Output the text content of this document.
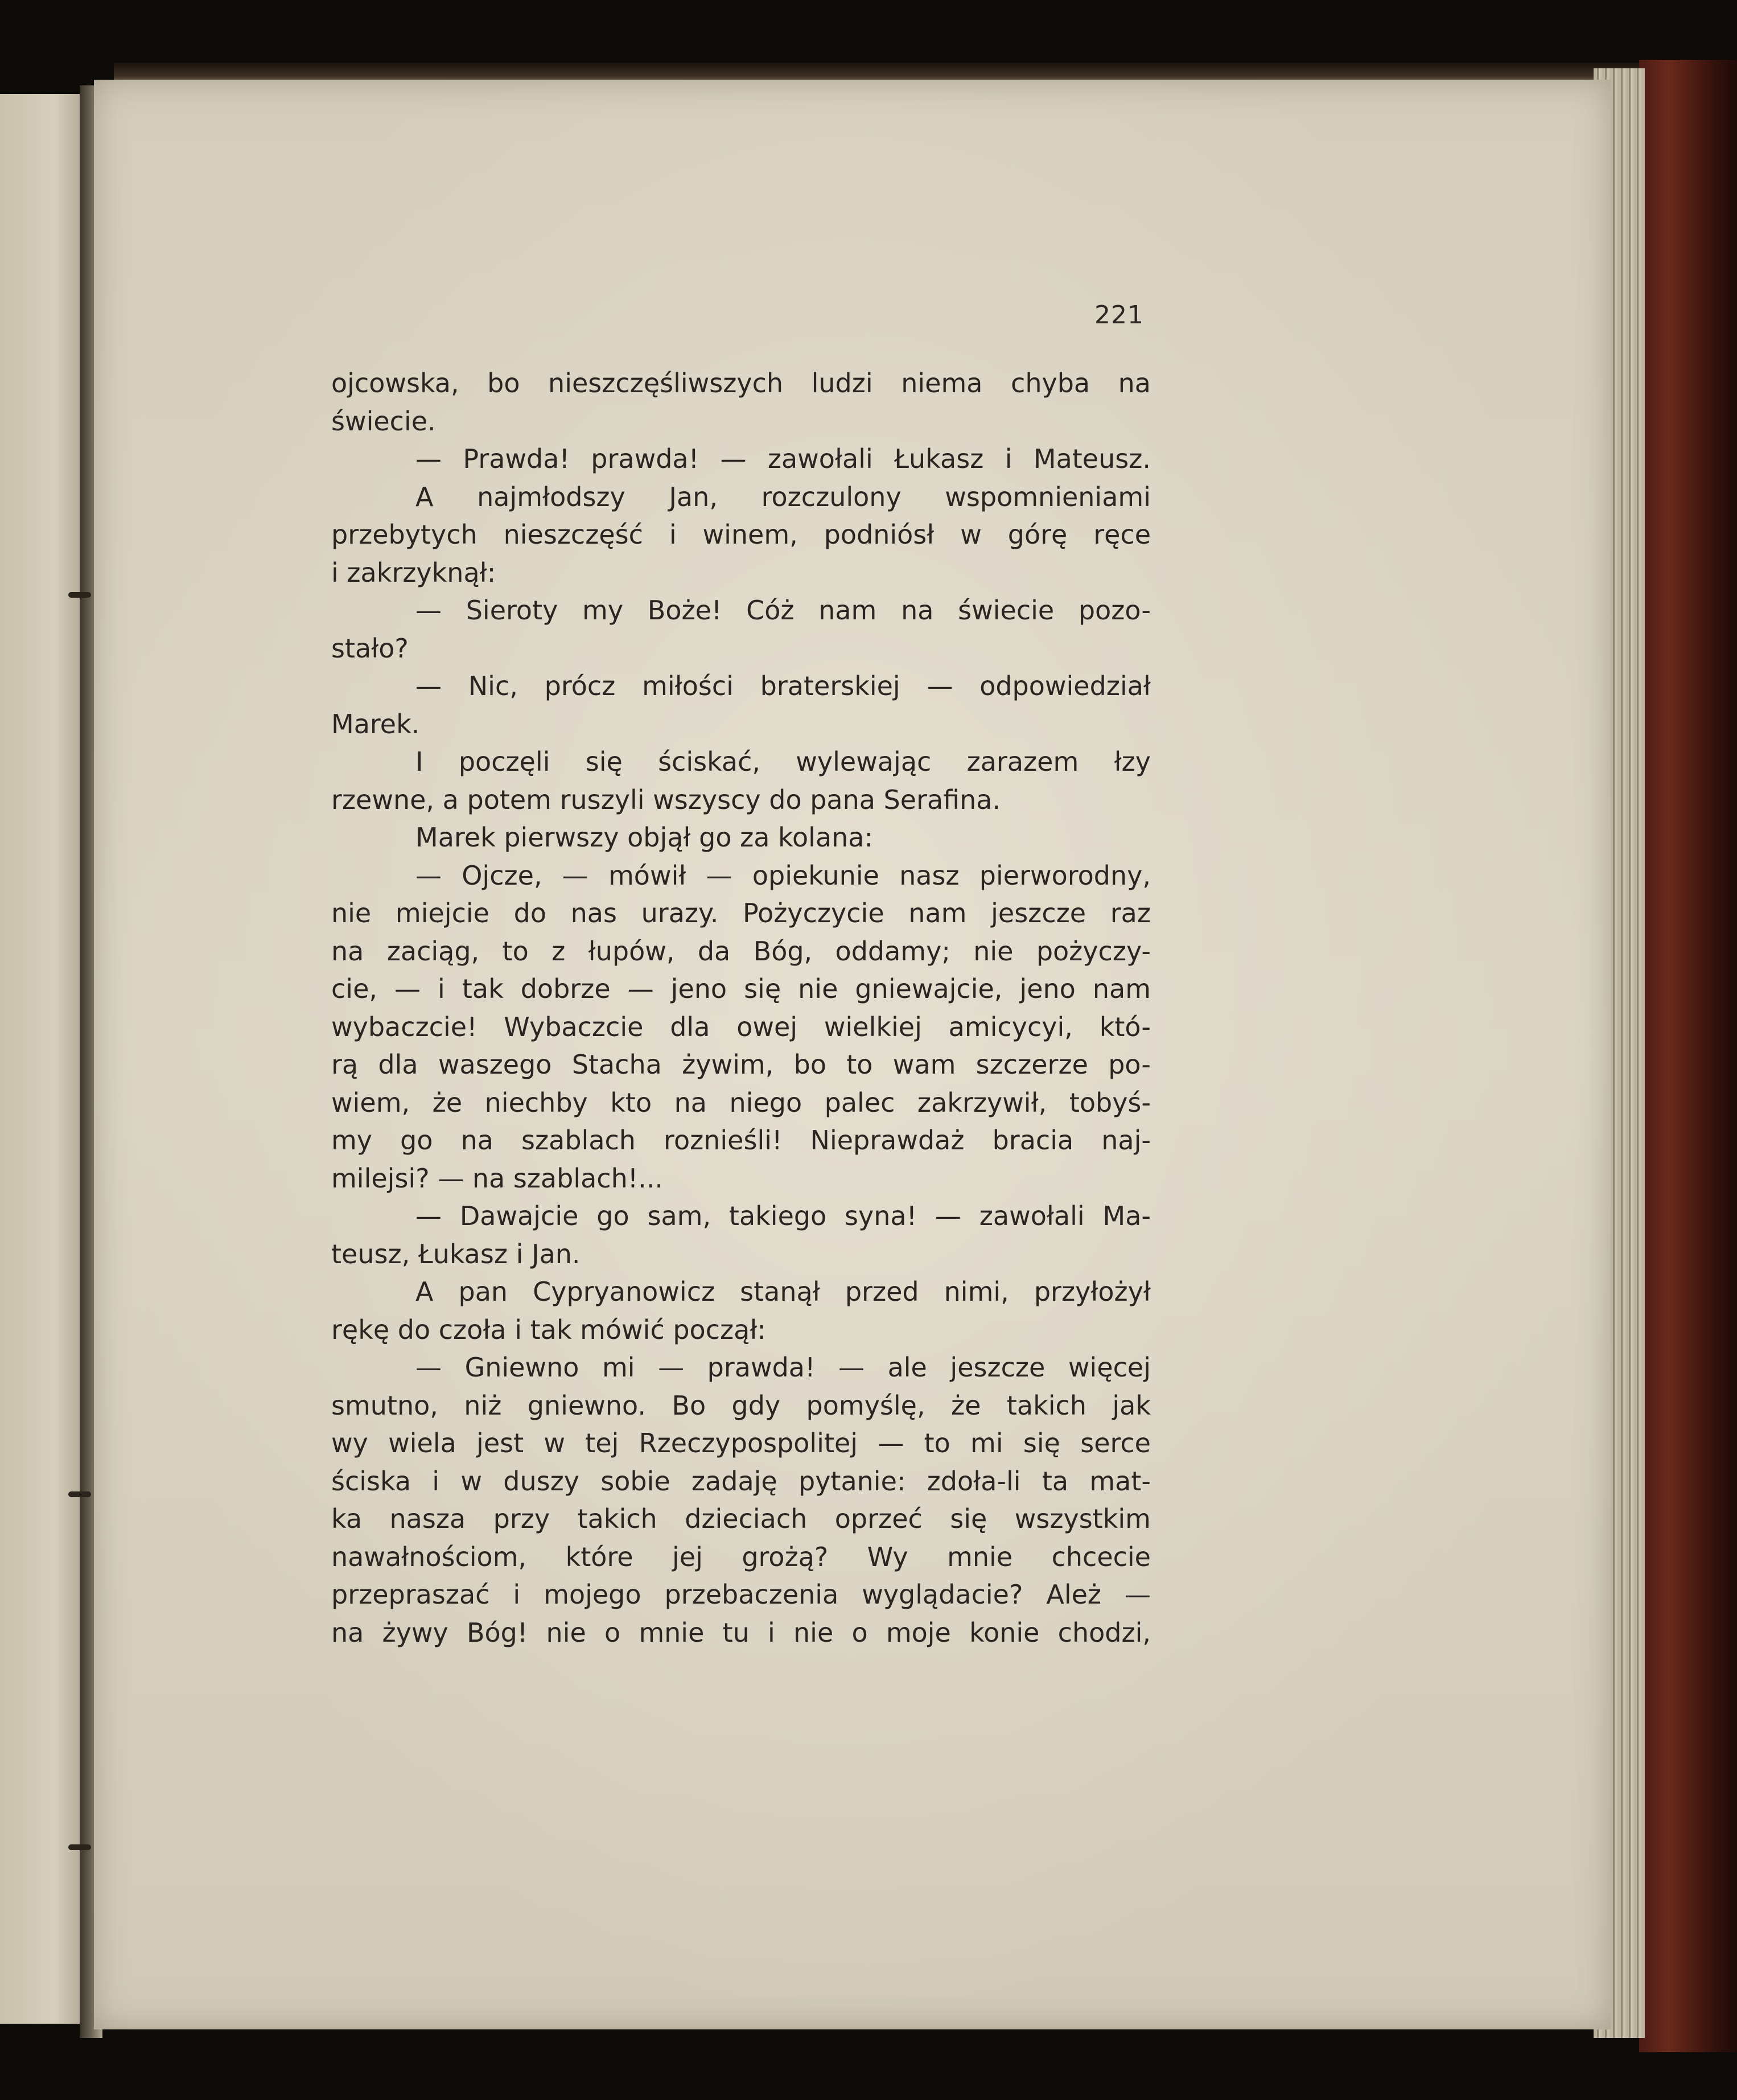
221
ojcowska, bo nieszczęśliwszych ludzi niema chyba na
świecie.
— Prawda! prawda! — zawołali Łukasz i Mateusz.
A najmłodszy Jan, rozczulony wspomnieniami
przebytych nieszczęść i winem, podniósł w górę ręce
i zakrzyknął:
— Sieroty my Boże! Cóż nam na świecie pozo-
stało?
— Nic, prócz miłości braterskiej — odpowiedział
Marek.
I poczęli się ściskać, wylewając zarazem łzy
rzewne, a potem ruszyli wszyscy do pana Serafina.
Marek pierwszy objął go za kolana:
— Ojcze, — mówił — opiekunie nasz pierworodny,
nie miejcie do nas urazy. Pożyczycie nam jeszcze raz
na zaciąg, to z łupów, da Bóg, oddamy; nie pożyczy-
cie, — i tak dobrze — jeno się nie gniewajcie, jeno nam
wybaczcie! Wybaczcie dla owej wielkiej amicycyi, któ-
rą dla waszego Stacha żywim, bo to wam szczerze po-
wiem, że niechby kto na niego palec zakrzywił, tobyś-
my go na szablach roznieśli! Nieprawdaż bracia naj-
milejsi? — na szablach!...
— Dawajcie go sam, takiego syna! — zawołali Ma-
teusz, Łukasz i Jan.
A pan Cypryanowicz stanął przed nimi, przyłożył
rękę do czoła i tak mówić począł:
— Gniewno mi — prawda! — ale jeszcze więcej
smutno, niż gniewno. Bo gdy pomyślę, że takich jak
wy wiela jest w tej Rzeczypospolitej — to mi się serce
ściska i w duszy sobie zadaję pytanie: zdoła-li ta mat-
ka nasza przy takich dzieciach oprzeć się wszystkim
nawałnościom, które jej grożą? Wy mnie chcecie
przepraszać i mojego przebaczenia wyglądacie? Ależ —
na żywy Bóg! nie o mnie tu i nie o moje konie chodzi,
